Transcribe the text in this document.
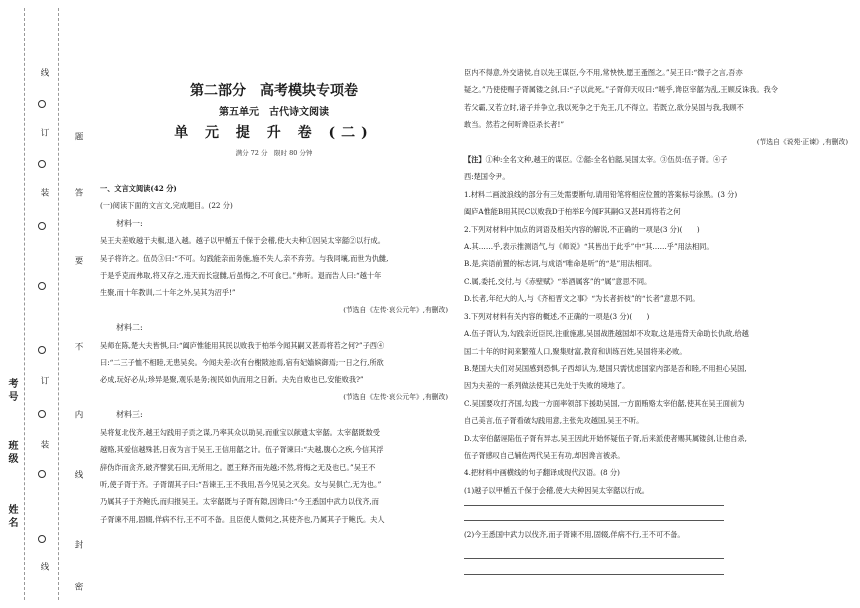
线
订
装
订
装
线
题
答
要
不
内
线
封
密
考号
班级
姓名
第二部分　高考模块专项卷
第五单元　古代诗文阅读
单 元 提 升 卷 (二)
满分 72 分　限时 80 分钟
一、文言文阅读(42 分)
(一)阅读下面的文言文,完成题目。(22 分)
材料一:
吴王夫差败越于夫椒,退入越。越子以甲楯五千保于会稽,使大夫种①因吴太宰嚭②以行成。
吴子将许之。伍员③曰:“不可。勾践能亲而务施,施不失人,亲不弃劳。与我同壤,而世为仇雠,
于是乎克而弗取,将又存之,违天而长寇雠,后虽悔之,不可食已。”弗听。退而告人曰:“越十年
生聚,而十年教训,二十年之外,吴其为沼乎!”
(节选自《左传·哀公元年》,有删改)
材料二:
吴师在陈,楚大夫皆惧,曰:“阖庐惟能用其民以败我于柏举今闻其嗣又甚焉将若之何?”子西④
曰:“二三子恤不相睦,无患吴矣。今闻夫差:次有台榭陂池焉,宿有妃嫱嫔御焉;一日之行,所欲
必成,玩好必从;珍异是聚,观乐是务;视民如仇而用之日新。夫先自败也已,安能败我?”
(节选自《左传·哀公元年》,有删改)
材料三:
吴将复北伐齐,越王勾践用子贡之谋,乃率其众以助吴,而重宝以献遗太宰嚭。太宰嚭既数受
越赂,其爱信越殊甚,日夜为言于吴王,王信用嚭之计。伍子胥谏曰:“夫越,腹心之疾,今信其浮
辞伪诈而贪齐,破齐譬犹石田,无所用之。愿王释齐而先越;不然,将悔之无及也已。”吴王不
听,使子胥于齐。子胥谓其子曰:“吾谏王,王不我用,吾今见吴之灭矣。女与吴俱亡,无为也。”
乃属其子于齐鲍氏,而归报吴王。太宰嚭既与子胥有隙,因谗曰:“今王悉国中武力以伐齐,而
子胥谏不用,固辍,佯病不行,王不可不备。且臣使人微伺之,其使齐也,乃属其子于鲍氏。夫人
臣内不得意,外交诸侯,自以先王谋臣,今不用,常怏怏,愿王蚤图之。”吴王曰:“微子之言,吾亦
疑之。”乃使使赐子胥属镂之剑,曰:“子以此死。”子胥仰天叹曰:“嗟乎,谗臣宰嚭为乱,王顾反诛我。我令
若父霸,又若立时,诸子并争立,我以死争之于先王,几不得立。若既立,欲分吴国与我,我顾不
敢当。然若之何听谗臣杀长者!”
(节选自《说苑·正谏》,有删改)
【注】①种:全名文种,越王的谋臣。②嚭:全名伯嚭,吴国太宰。③伍员:伍子胥。④子
西:楚国令尹。
1.材料二画波浪线的部分有三处需要断句,请用铅笔将相应位置的答案标号涂黑。(3 分)
阖庐A惟能B用其民C以败我D于柏举E今闻F其嗣G又甚H焉将若之何
2.下列对材料中加点的词语及相关内容的解说,不正确的一项是(3 分)(　　)
A.其……乎,表示推测语气,与《师说》“其皆出于此乎”中“其……乎”用法相同。
B.是,宾语前置的标志词,与成语“唯命是听”的“是”用法相同。
C.属,委托,交付,与《赤壁赋》“举酒属客”的“属”意思不同。
D.长者,年纪大的人,与《齐桓晋文之事》“为长者折枝”的“长者”意思不同。
3.下列对材料有关内容的概述,不正确的一项是(3 分)(　　)
A.伍子胥认为,勾践亲近臣民,注重施惠,吴国战胜越国却不攻取,这是违背天命助长仇敌,给越
国二十年的时间来繁殖人口,聚集财富,教育和训练百姓,吴国将来必败。
B.楚国大夫们对吴国感到恐惧,子西却认为,楚国只需忧虑国家内部是否和睦,不用担心吴国,
因为夫差的一系列做法使其已先处于失败的境地了。
C.吴国要攻打齐国,勾践一方面率领部下援助吴国,一方面贿赂太宰伯嚭,使其在吴王面前为
自己美言,伍子胥看破勾践用意,主张先攻越国,吴王不听。
D.太宰伯嚭诬陷伍子胥有异志,吴王因此开始怀疑伍子胥,后来派使者赐其属镂剑,让他自杀,
伍子胥感叹自己辅佐两代吴王有功,却因谗言被杀。
4.把材料中画横线的句子翻译成现代汉语。(8 分)
(1)越子以甲楯五千保于会稽,使大夫种因吴太宰嚭以行成。
(2)今王悉国中武力以伐齐,而子胥谏不用,固辍,佯病不行,王不可不备。
